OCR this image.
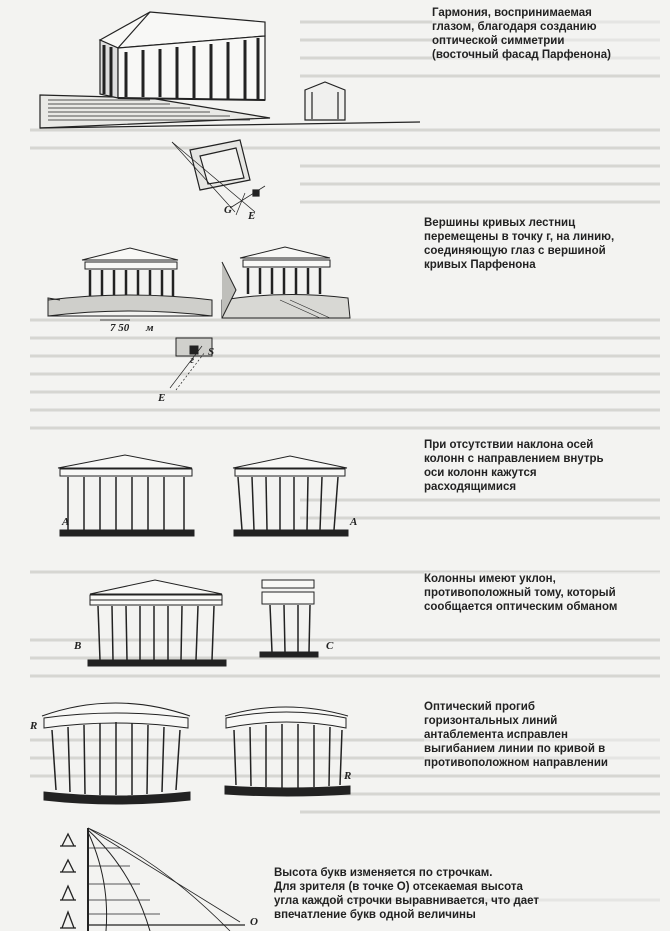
G E
7 50 м
г
S
E
A	A
B	C
R
R
O
Гармония, воспринимаемая
глазом, благодаря созданию
оптической симметрии
(восточный фасад Парфенона)
Вершины кривых лестниц
перемещены в точку г, на линию,
соединяющую глаз с вершиной
кривых Парфенона
При отсутствии наклона осей
колонн с направлением внутрь
оси колонн кажутся
расходящимися
Колонны имеют уклон,
противоположный тому, который
сообщается оптическим обманом
Оптический прогиб
горизонтальных линий
антаблемента исправлен
выгибанием линии по кривой в
противоположном направлении
Высота букв изменяется по строчкам.
Для зрителя (в точке O) отсекаемая высота
угла каждой строчки выравнивается, что дает
впечатление букв одной величины
